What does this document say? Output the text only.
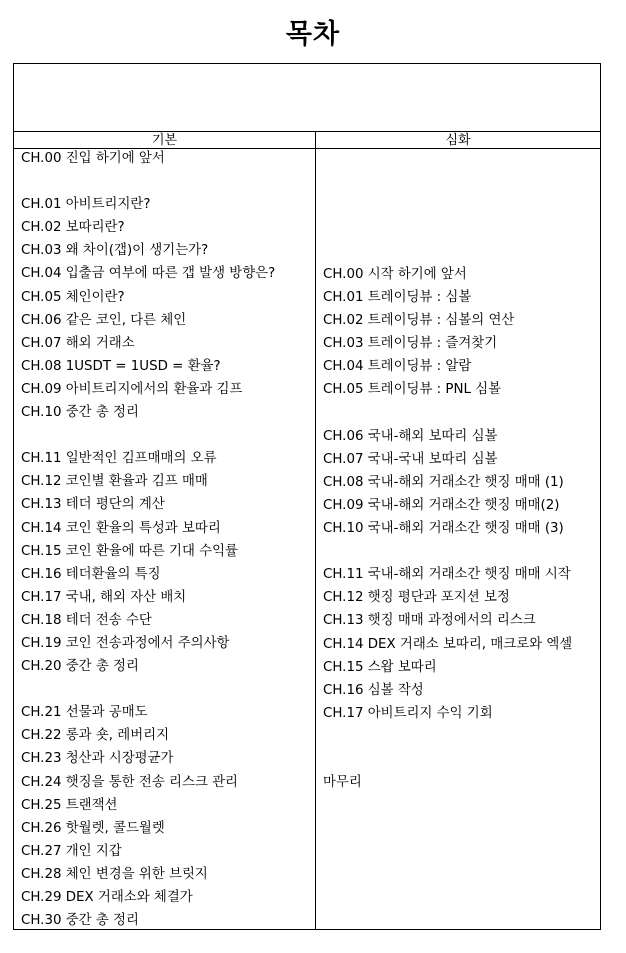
목차
기본	심화
CH.00 진입 하기에 앞서
CH.01 아비트리지란?
CH.02 보따리란?
CH.03 왜 차이(갭)이 생기는가?
CH.04 입출금 여부에 따른 갭 발생 방향은?
CH.05 체인이란?
CH.06 같은 코인, 다른 체인
CH.07 해외 거래소
CH.08 1USDT = 1USD = 환율?
CH.09 아비트리지에서의 환율과 김프
CH.10 중간 총 정리
CH.11 일반적인 김프매매의 오류
CH.12 코인별 환율과 김프 매매
CH.13 테더 평단의 계산
CH.14 코인 환율의 특성과 보따리
CH.15 코인 환율에 따른 기대 수익률
CH.16 테더환율의 특징
CH.17 국내, 해외 자산 배치
CH.18 테더 전송 수단
CH.19 코인 전송과정에서 주의사항
CH.20 중간 총 정리
CH.21 선물과 공매도
CH.22 롱과 숏, 레버리지
CH.23 청산과 시장평균가
CH.24 햇징을 통한 전송 리스크 관리
CH.25 트랜잭션
CH.26 핫월렛, 콜드월렛
CH.27 개인 지갑
CH.28 체인 변경을 위한 브릿지
CH.29 DEX 거래소와 체결가
CH.30 중간 총 정리
CH.00 시작 하기에 앞서
CH.01 트레이딩뷰 : 심볼
CH.02 트레이딩뷰 : 심볼의 연산
CH.03 트레이딩뷰 : 즐겨찾기
CH.04 트레이딩뷰 : 알람
CH.05 트레이딩뷰 : PNL 심볼
CH.06 국내-해외 보따리 심볼
CH.07 국내-국내 보따리 심볼
CH.08 국내-해외 거래소간 햇징 매매 (1)
CH.09 국내-해외 거래소간 햇징 매매(2)
CH.10 국내-해외 거래소간 햇징 매매 (3)
CH.11 국내-해외 거래소간 햇징 매매 시작
CH.12 햇징 평단과 포지션 보정
CH.13 햇징 매매 과정에서의 리스크
CH.14 DEX 거래소 보따리, 매크로와 엑셀
CH.15 스왑 보따리
CH.16 심볼 작성
CH.17 아비트리지 수익 기회
마무리
